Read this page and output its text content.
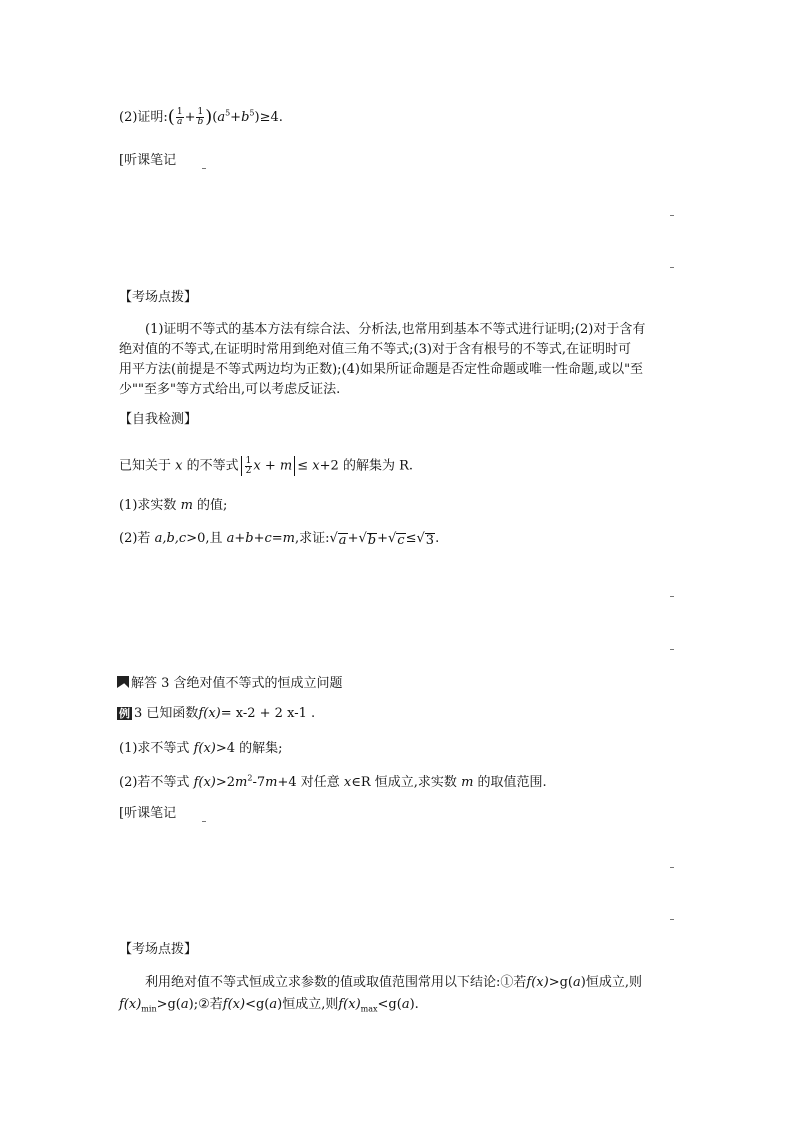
(2)证明:( $\frac{1}{a} + \frac{1}{b} )(a^5+b^5)\ge 4$.
[听课笔记
【考场点拨】
(1)证明不等式的基本方法有综合法、分析法,也常用到基本不等式进行证明;(2)对于含有
绝对值的不等式,在证明时常用到绝对值三角不等式;(3)对于含有根号的不等式,在证明时可
用平方法(前提是不等式两边均为正数);(4)如果所证命题是否定性命题或唯一性命题,或以"至
少""至多"等方式给出,可以考虑反证法.
【自我检测】
已知关于 x 的不等式 $\frac{1}{2}$ x + m ≤ x+2 的解集为 R.
(1)求实数 m 的值;
(2)若 a,b,c>0,且 a+b+c=m,求证: √ a + √ b + √ c ≤ √ 3 .
解答 3 含绝对值不等式的恒成立问题
例 3 已知函数f(x)= x-2 + 2 x-1 .
(1)求不等式 f(x)>4 的解集;
(2)若不等式 $f(x)>2m^2-7m+4$ 对任意 x∈R 恒成立,求实数 m 的取值范围.
[听课笔记
【考场点拨】
利用绝对值不等式恒成立求参数的值或取值范围常用以下结论:①若f(x)>g(a)恒成立,则
$f(x)_{min}>g(a);②$若f(x)<g(a)恒成立,则$f(x)_{max}<g(a)$.
